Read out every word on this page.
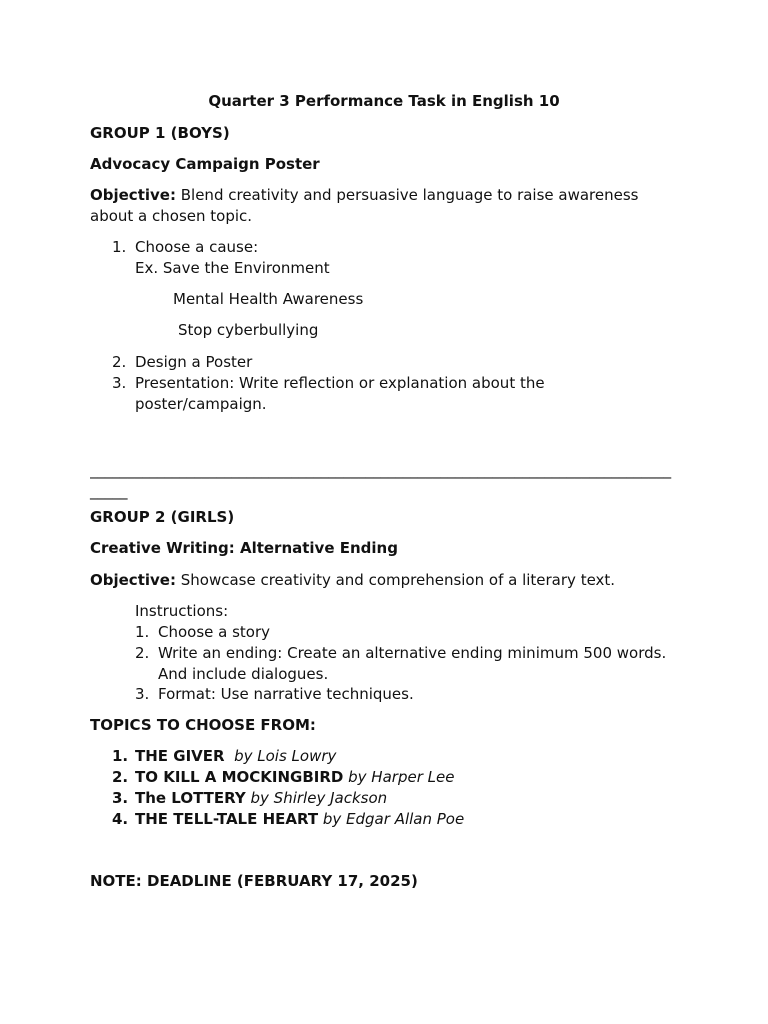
Quarter 3 Performance Task in English 10
GROUP 1 (BOYS)
Advocacy Campaign Poster
Objective: Blend creativity and persuasive language to raise awareness
about a chosen topic.
1. Choose a cause:
Ex. Save the Environment
Mental Health Awareness
Stop cyberbullying
2. Design a Poster
3. Presentation: Write reflection or explanation about the
poster/campaign.
______________________________________________________________________________
_____
GROUP 2 (GIRLS)
Creative Writing: Alternative Ending
Objective: Showcase creativity and comprehension of a literary text.
Instructions:
1. Choose a story
2. Write an ending: Create an alternative ending minimum 500 words.
And include dialogues.
3. Format: Use narrative techniques.
TOPICS TO CHOOSE FROM:
1. THE GIVER by Lois Lowry
2. TO KILL A MOCKINGBIRD by Harper Lee
3. The LOTTERY by Shirley Jackson
4. THE TELL-TALE HEART by Edgar Allan Poe
NOTE: DEADLINE (FEBRUARY 17, 2025)
